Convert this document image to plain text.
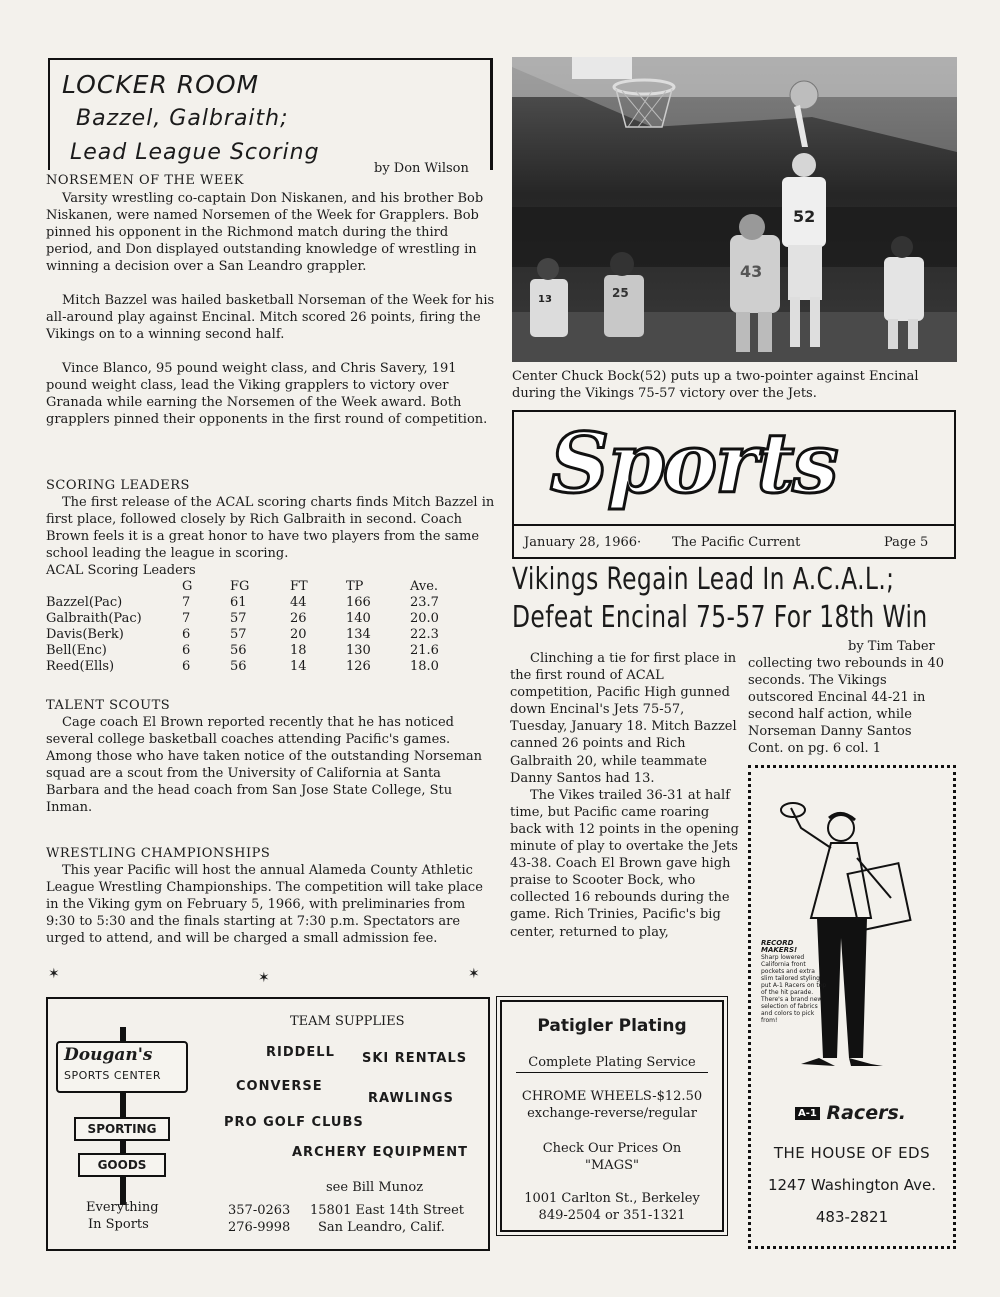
LOCKER ROOM
Bazzel, Galbraith;
Lead League Scoring
by Don Wilson
NORSEMEN OF THE WEEK

Varsity wrestling co-captain Don Niskanen, and his brother Bob Niskanen, were named Norsemen of the Week for Grapplers. Bob pinned his opponent in the Richmond match during the third period, and Don displayed outstanding knowledge of wrestling in winning a decision over a San Leandro grappler.

Mitch Bazzel was hailed basketball Norseman of the Week for his all-around play against Encinal. Mitch scored 26 points, firing the Vikings on to a winning second half.

Vince Blanco, 95 pound weight class, and Chris Savery, 191 pound weight class, lead the Viking grapplers to victory over Granada while earning the Norsemen of the Week award. Both grapplers pinned their opponents in the first round of competition.

SCORING LEADERS

The first release of the ACAL scoring charts finds Mitch Bazzel in first place, followed closely by Rich Galbraith in second. Coach Brown feels it is a great honor to have two players from the same school leading the league in scoring.

ACAL Scoring Leaders
	G	FG	FT	TP	Ave.
Bazzel(Pac)	7	61	44	166	23.7
Galbraith(Pac)	7	57	26	140	20.0
Davis(Berk)	6	57	20	134	22.3
Bell(Enc)	6	56	18	130	21.6
Reed(Ells)	6	56	14	126	18.0
TALENT SCOUTS

Cage coach El Brown reported recently that he has noticed several college basketball coaches attending Pacific's games. Among those who have taken notice of the outstanding Norseman squad are a scout from the University of California at Santa Barbara and the head coach from San Jose State College, Stu Inman.

WRESTLING CHAMPIONSHIPS

This year Pacific will host the annual Alameda County Athletic League Wrestling Championships. The competition will take place in the Viking gym on February 5, 1966, with preliminaries from 9:30 to 5:30 and the finals starting at 7:30 p.m. Spectators are urged to attend, and will be charged a small admission fee.

✶	✶	✶
52
43
13	25
Center Chuck Bock(52) puts up a two-pointer against Encinal during the Vikings 75-57 victory over the Jets.
Sports
January 28, 1966· The Pacific Current	Page 5
Vikings Regain Lead In A.C.A.L.;
Defeat Encinal 75-57 For 18th Win
by Tim Taber

Clinching a tie for first place in the first round of ACAL competition, Pacific High gunned down Encinal's Jets 75-57, Tuesday, January 18. Mitch Bazzel canned 26 points and Rich Galbraith 20, while teammate Danny Santos had 13.

The Vikes trailed 36-31 at half time, but Pacific came roaring back with 12 points in the opening minute of play to overtake the Jets 43-38. Coach El Brown gave high praise to Scooter Bock, who collected 16 rebounds during the game. Rich Trinies, Pacific's big center, returned to play,

collecting two rebounds in 40 seconds. The Vikings outscored Encinal 44-21 in second half action, while Norseman Danny Santos

Cont. on pg. 6 col. 1

Dougan's
SPORTS CENTER
SPORTING
GOODS
Everything
In Sports
TEAM SUPPLIES
RIDDELL SKI RENTALS
CONVERSE
RAWLINGS
PRO GOLF CLUBS
ARCHERY EQUIPMENT
see Bill Munoz
357-0263
276-9998
15801 East 14th Street
San Leandro, Calif.
Patigler Plating
Complete Plating Service
CHROME WHEELS-$12.50
exchange-reverse/regular
Check Our Prices On
"MAGS"
1001 Carlton St., Berkeley
849-2504 or 351-1321
RECORD MAKERS!
Sharp lowered California front pockets and extra slim tailored styling put A-1 Racers on top of the hit parade. There's a brand new selection of fabrics and colors to pick from!
A-1 Racers.
THE HOUSE OF EDS
1247 Washington Ave.
483-2821
